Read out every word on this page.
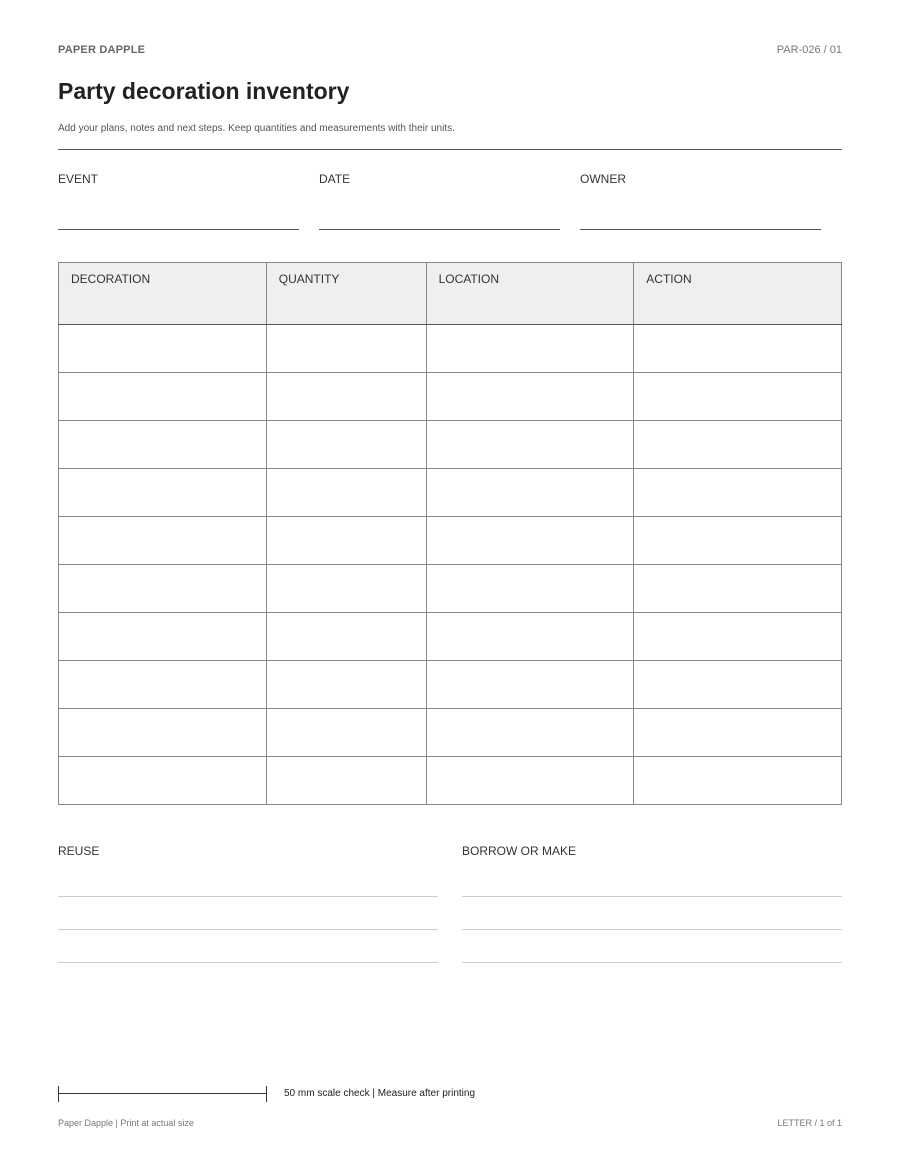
PAPER DAPPLE	PAR-026 / 01
Party decoration inventory
Add your plans, notes and next steps. Keep quantities and measurements with their units.
EVENT	DATE	OWNER
DECORATION	QUANTITY	LOCATION	ACTION

REUSE	BORROW OR MAKE
50 mm scale check | Measure after printing
Paper Dapple | Print at actual size	LETTER / 1 of 1
